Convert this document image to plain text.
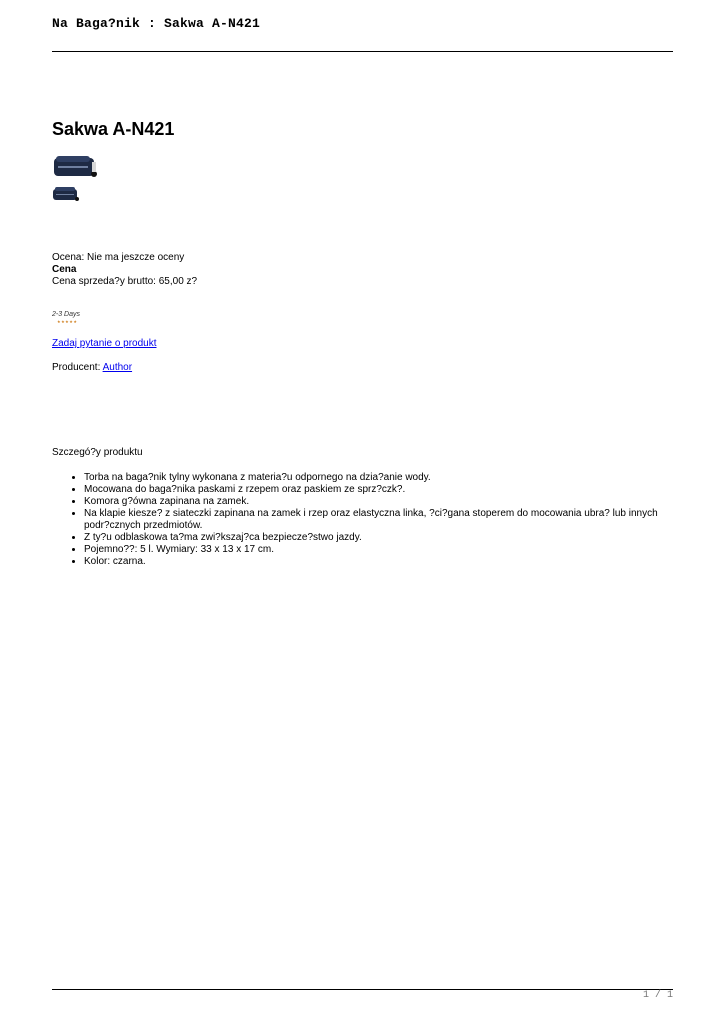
Na Baga?nik : Sakwa A-N421
Sakwa A-N421
Ocena: Nie ma jeszcze oceny
Cena
Cena sprzeda?y brutto: 65,00 z?
2-3 Days
★★★★★
Zadaj pytanie o produkt
Producent: Author
Szczegó?y produktu
• Torba na baga?nik tylny wykonana z materia?u odpornego na dzia?anie wody.
• Mocowana do baga?nika paskami z rzepem oraz paskiem ze sprz?czk?.
• Komora g?ówna zapinana na zamek.
• Na klapie kiesze? z siateczki zapinana na zamek i rzep oraz elastyczna linka, ?ci?gana stoperem do mocowania ubra? lub innych podr?cznych przedmiotów.
• Z ty?u odblaskowa ta?ma zwi?kszaj?ca bezpiecze?stwo jazdy.
• Pojemno??: 5 l. Wymiary: 33 x 13 x 17 cm.
• Kolor: czarna.
1 / 1
